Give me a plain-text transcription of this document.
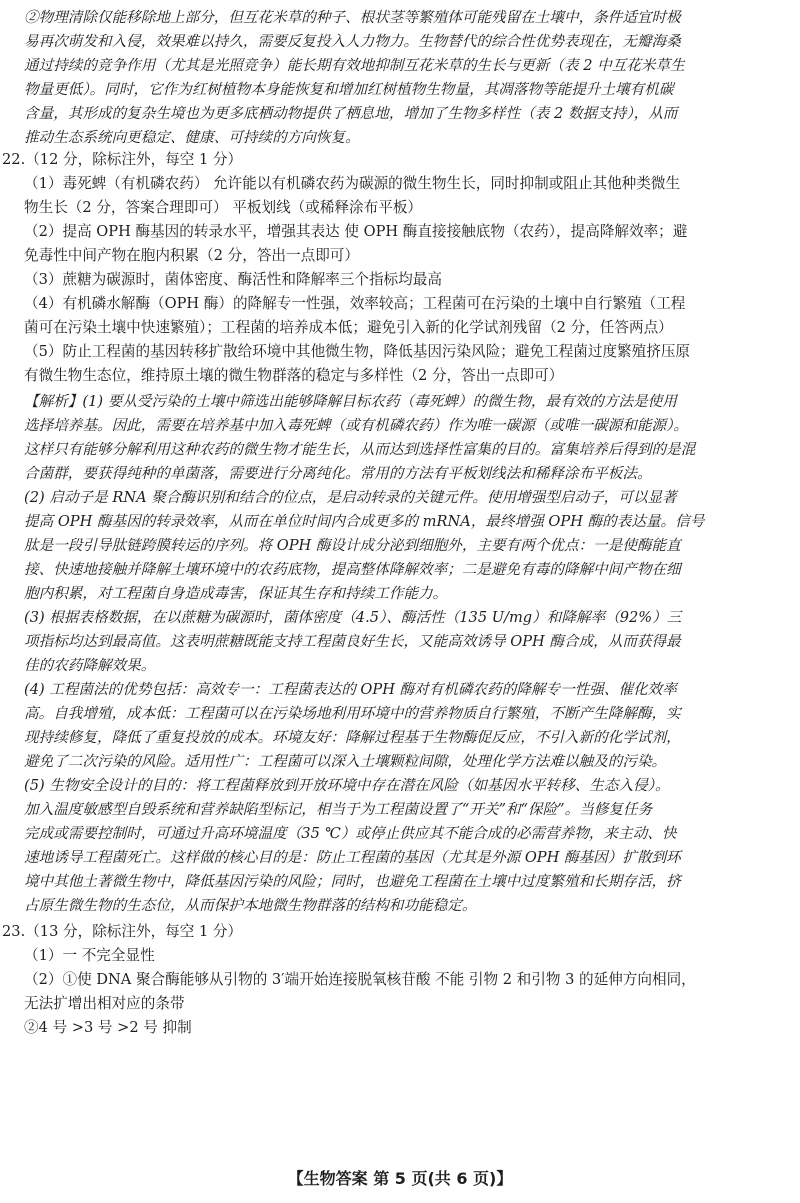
②物理清除仅能移除地上部分，但互花米草的种子、根状茎等繁殖体可能残留在土壤中，条件适宜时极
易再次萌发和入侵，效果难以持久，需要反复投入人力物力。生物替代的综合性优势表现在，无瓣海桑
通过持续的竞争作用（尤其是光照竞争）能长期有效地抑制互花米草的生长与更新（表 2 中互花米草生
物量更低）。同时，它作为红树植物本身能恢复和增加红树植物生物量，其凋落物等能提升土壤有机碳
含量，其形成的复杂生境也为更多底栖动物提供了栖息地，增加了生物多样性（表 2 数据支持），从而
推动生态系统向更稳定、健康、可持续的方向恢复。
22.（12 分，除标注外，每空 1 分）
（1）毒死蜱（有机磷农药） 允许能以有机磷农药为碳源的微生物生长，同时抑制或阻止其他种类微生
物生长（2 分，答案合理即可） 平板划线（或稀释涂布平板）
（2）提高 OPH 酶基因的转录水平，增强其表达 使 OPH 酶直接接触底物（农药），提高降解效率；避
免毒性中间产物在胞内积累（2 分，答出一点即可）
（3）蔗糖为碳源时，菌体密度、酶活性和降解率三个指标均最高
（4）有机磷水解酶（OPH 酶）的降解专一性强，效率较高；工程菌可在污染的土壤中自行繁殖（工程
菌可在污染土壤中快速繁殖）；工程菌的培养成本低；避免引入新的化学试剂残留（2 分，任答两点）
（5）防止工程菌的基因转移扩散给环境中其他微生物，降低基因污染风险；避免工程菌过度繁殖挤压原
有微生物生态位，维持原土壤的微生物群落的稳定与多样性（2 分，答出一点即可）
【解析】(1) 要从受污染的土壤中筛选出能够降解目标农药（毒死蜱）的微生物，最有效的方法是使用
选择培养基。因此，需要在培养基中加入毒死蜱（或有机磷农药）作为唯一碳源（或唯一碳源和能源）。
这样只有能够分解利用这种农药的微生物才能生长，从而达到选择性富集的目的。富集培养后得到的是混
合菌群，要获得纯种的单菌落，需要进行分离纯化。常用的方法有平板划线法和稀释涂布平板法。
(2) 启动子是 RNA 聚合酶识别和结合的位点，是启动转录的关键元件。使用增强型启动子，可以显著
提高 OPH 酶基因的转录效率，从而在单位时间内合成更多的 mRNA，最终增强 OPH 酶的表达量。信号
肽是一段引导肽链跨膜转运的序列。将 OPH 酶设计成分泌到细胞外，主要有两个优点：一是使酶能直
接、快速地接触并降解土壤环境中的农药底物，提高整体降解效率；二是避免有毒的降解中间产物在细
胞内积累，对工程菌自身造成毒害，保证其生存和持续工作能力。
(3) 根据表格数据，在以蔗糖为碳源时，菌体密度（4.5）、酶活性（135 U/mg）和降解率（92%）三
项指标均达到最高值。这表明蔗糖既能支持工程菌良好生长，又能高效诱导 OPH 酶合成，从而获得最
佳的农药降解效果。
(4) 工程菌法的优势包括：高效专一：工程菌表达的 OPH 酶对有机磷农药的降解专一性强、催化效率
高。自我增殖，成本低：工程菌可以在污染场地利用环境中的营养物质自行繁殖，不断产生降解酶，实
现持续修复，降低了重复投放的成本。环境友好：降解过程基于生物酶促反应，不引入新的化学试剂，
避免了二次污染的风险。适用性广：工程菌可以深入土壤颗粒间隙，处理化学方法难以触及的污染。
(5) 生物安全设计的目的：将工程菌释放到开放环境中存在潜在风险（如基因水平转移、生态入侵）。
加入温度敏感型自毁系统和营养缺陷型标记，相当于为工程菌设置了“开关”和“保险”。当修复任务
完成或需要控制时，可通过升高环境温度（35 ℃）或停止供应其不能合成的必需营养物，来主动、快
速地诱导工程菌死亡。这样做的核心目的是：防止工程菌的基因（尤其是外源 OPH 酶基因）扩散到环
境中其他土著微生物中，降低基因污染的风险；同时，也避免工程菌在土壤中过度繁殖和长期存活，挤
占原生微生物的生态位，从而保护本地微生物群落的结构和功能稳定。
23.（13 分，除标注外，每空 1 分）
（1）一 不完全显性
（2）①使 DNA 聚合酶能够从引物的 3′端开始连接脱氧核苷酸 不能 引物 2 和引物 3 的延伸方向相同，
无法扩增出相对应的条带
②4 号 >3 号 >2 号 抑制
【生物答案 第 5 页(共 6 页)】
